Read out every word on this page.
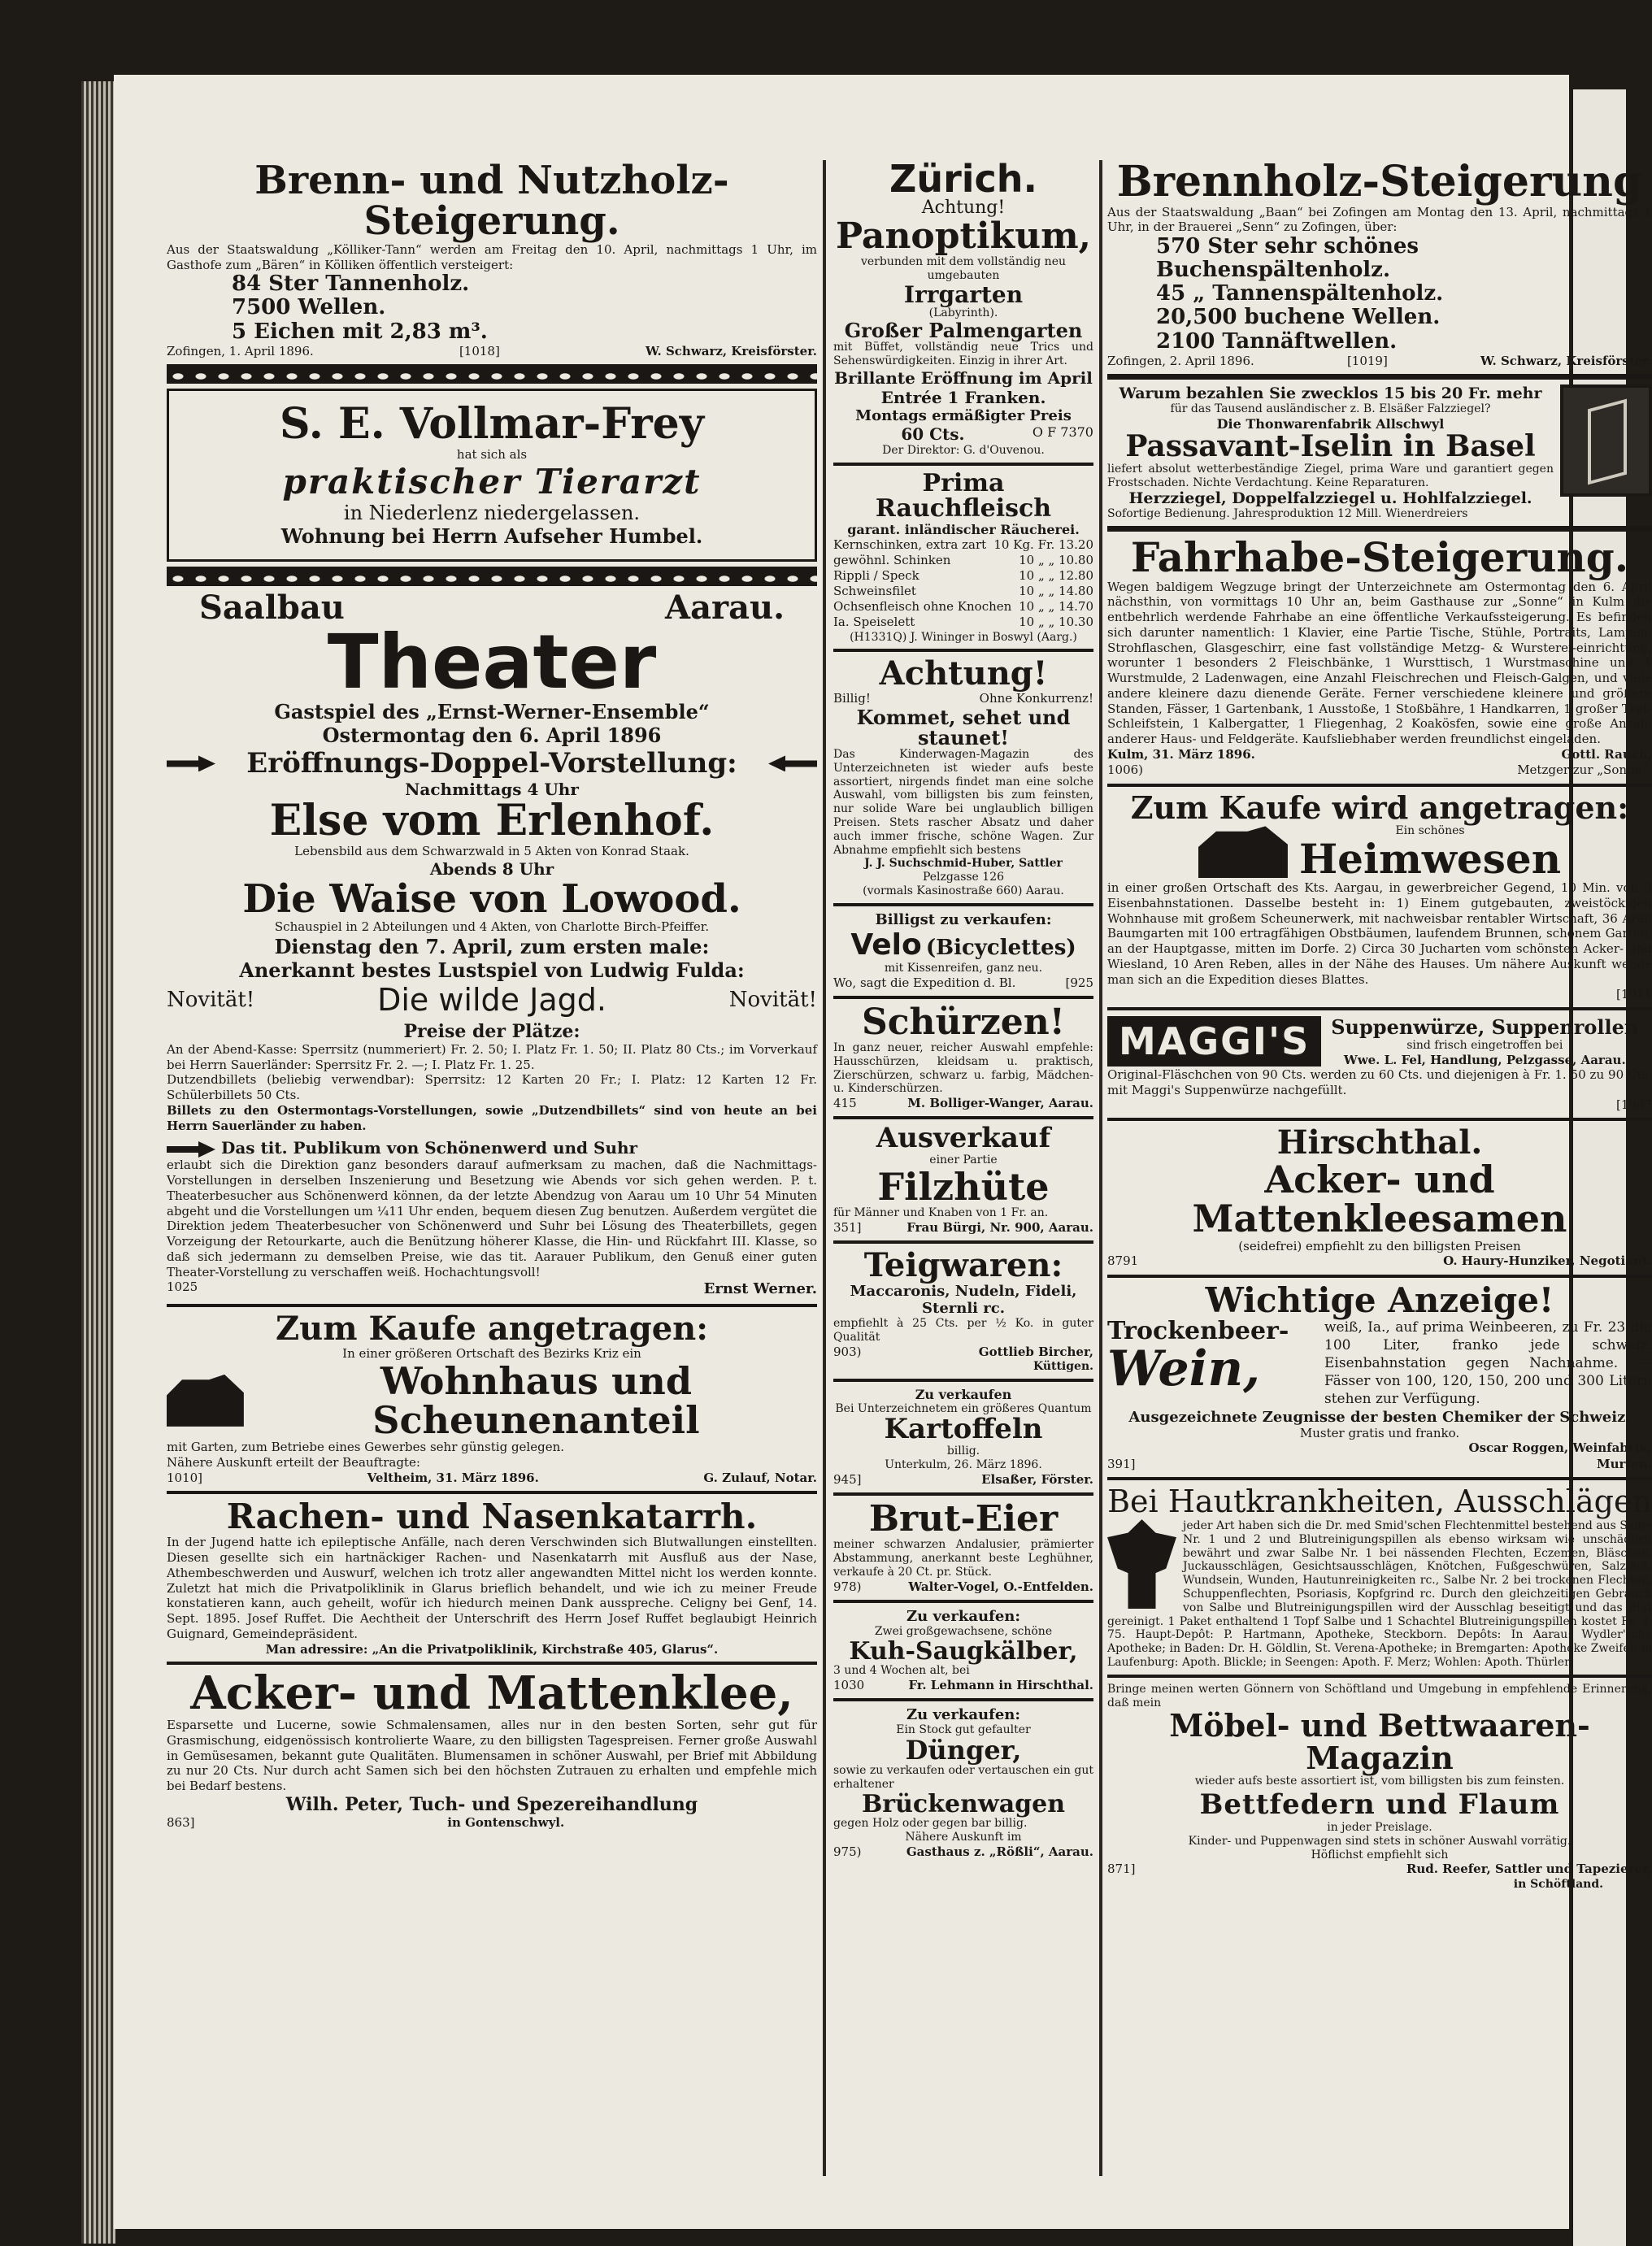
Brenn- und Nutzholz-Steigerung.
Aus der Staatswaldung „Kölliker-Tann“ werden am Freitag den 10. April, nachmittags 1 Uhr, im Gasthofe zum „Bären“ in Kölliken öffentlich versteigert:
84 Ster Tannenholz.
7500 Wellen.
5 Eichen mit 2,83 m³.
Zofingen, 1. April 1896.	[1018]	W. Schwarz, Kreisförster.
S. E. Vollmar-Frey
hat sich als
praktischer Tierarzt
in Niederlenz niedergelassen.
Wohnung bei Herrn Aufseher Humbel.
Saalbau	Aarau.
Theater
Gastspiel des „Ernst-Werner-Ensemble“
Ostermontag den 6. April 1896
Eröffnungs-Doppel-Vorstellung:
Nachmittags 4 Uhr
Else vom Erlenhof.
Lebensbild aus dem Schwarzwald in 5 Akten von Konrad Staak.
Abends 8 Uhr
Die Waise von Lowood.
Schauspiel in 2 Abteilungen und 4 Akten, von Charlotte Birch-Pfeiffer.
Dienstag den 7. April, zum ersten male:
Anerkannt bestes Lustspiel von Ludwig Fulda:
Novität!	Die wilde Jagd.	Novität!
Preise der Plätze:
An der Abend-Kasse: Sperrsitz (nummeriert) Fr. 2. 50; I. Platz Fr. 1. 50; II. Platz 80 Cts.; im Vorverkauf bei Herrn Sauerländer: Sperrsitz Fr. 2. —; I. Platz Fr. 1. 25.
Dutzendbillets (beliebig verwendbar): Sperrsitz: 12 Karten 20 Fr.; I. Platz: 12 Karten 12 Fr. Schülerbillets 50 Cts.
Billets zu den Ostermontags-Vorstellungen, sowie „Dutzendbillets“ sind von heute an bei Herrn Sauerländer zu haben.
Das tit. Publikum von Schönenwerd und Suhr
erlaubt sich die Direktion ganz besonders darauf aufmerksam zu machen, daß die Nachmittags-Vorstellungen in derselben Inszenierung und Besetzung wie Abends vor sich gehen werden. P. t. Theaterbesucher aus Schönenwerd können, da der letzte Abendzug von Aarau um 10 Uhr 54 Minuten abgeht und die Vorstellungen um ¼11 Uhr enden, bequem diesen Zug benutzen. Außerdem vergütet die Direktion jedem Theaterbesucher von Schönenwerd und Suhr bei Lösung des Theaterbillets, gegen Vorzeigung der Retourkarte, auch die Benützung höherer Klasse, die Hin- und Rückfahrt III. Klasse, so daß sich jedermann zu demselben Preise, wie das tit. Aarauer Publikum, den Genuß einer guten Theater-Vorstellung zu verschaffen weiß. Hochachtungsvoll!
1025	Ernst Werner.
Zum Kaufe angetragen:
In einer größeren Ortschaft des Bezirks Kriz ein
Wohnhaus und Scheunenanteil
mit Garten, zum Betriebe eines Gewerbes sehr günstig gelegen.
Nähere Auskunft erteilt der Beauftragte:
1010]	Veltheim, 31. März 1896.	G. Zulauf, Notar.
Rachen- und Nasenkatarrh.
In der Jugend hatte ich epileptische Anfälle, nach deren Verschwinden sich Blutwallungen einstellten. Diesen gesellte sich ein hartnäckiger Rachen- und Nasenkatarrh mit Ausfluß aus der Nase, Athembeschwerden und Auswurf, welchen ich trotz aller angewandten Mittel nicht los werden konnte. Zuletzt hat mich die Privatpoliklinik in Glarus brieflich behandelt, und wie ich zu meiner Freude konstatieren kann, auch geheilt, wofür ich hiedurch meinen Dank ausspreche. Celigny bei Genf, 14. Sept. 1895. Josef Ruffet. Die Aechtheit der Unterschrift des Herrn Josef Ruffet beglaubigt Heinrich Guignard, Gemeindepräsident.
Man adressire: „An die Privatpoliklinik, Kirchstraße 405, Glarus“.
Acker- und Mattenklee,
Esparsette und Lucerne, sowie Schmalensamen, alles nur in den besten Sorten, sehr gut für Grasmischung, eidgenössisch kontrolierte Waare, zu den billigsten Tagespreisen. Ferner große Auswahl in Gemüsesamen, bekannt gute Qualitäten. Blumensamen in schöner Auswahl, per Brief mit Abbildung zu nur 20 Cts. Nur durch acht Samen sich bei den höchsten Zutrauen zu erhalten und empfehle mich bei Bedarf bestens.
Wilh. Peter, Tuch- und Spezereihandlung
863]	in Gontenschwyl.
Zürich.
Achtung!
Panoptikum,
verbunden mit dem vollständig neu umgebauten
Irrgarten
(Labyrinth).
Großer Palmengarten
mit Büffet, vollständig neue Trics und Sehenswürdigkeiten. Einzig in ihrer Art.
Brillante Eröffnung im April
Entrée 1 Franken.
Montags ermäßigter Preis
60 Cts.	O F 7370
Der Direktor: G. d'Ouvenou.
Prima Rauchfleisch
garant. inländischer Räucherei.
Kernschinken, extra zart 10 Kg. Fr. 13.20
gewöhnl. Schinken	10 „ „ 10.80
Rippli / Speck	10 „ „ 12.80
Schweinsfilet	10 „ „ 14.80
Ochsenfleisch ohne Knochen 10 „ „ 14.70
Ia. Speiselett	10 „ „ 10.30
(H1331Q) J. Wininger in Boswyl (Aarg.)
Achtung!
Billig!	Ohne Konkurrenz!
Kommet, sehet und staunet!
Das Kinderwagen-Magazin des Unterzeichneten ist wieder aufs beste assortiert, nirgends findet man eine solche Auswahl, vom billigsten bis zum feinsten, nur solide Ware bei unglaublich billigen Preisen. Stets rascher Absatz und daher auch immer frische, schöne Wagen. Zur Abnahme empfiehlt sich bestens
J. J. Suchschmid-Huber, Sattler
Pelzgasse 126
(vormals Kasinostraße 660) Aarau.
Billigst zu verkaufen:
Velo (Bicyclettes)
mit Kissenreifen, ganz neu.
Wo, sagt die Expedition d. Bl.	[925
Schürzen!
In ganz neuer, reicher Auswahl empfehle: Hausschürzen, kleidsam u. praktisch, Zierschürzen, schwarz u. farbig, Mädchen- u. Kinderschürzen.
415	M. Bolliger-Wanger, Aarau.
Ausverkauf
einer Partie
Filzhüte
für Männer und Knaben von 1 Fr. an.
351]	Frau Bürgi, Nr. 900, Aarau.
Teigwaren:
Maccaronis, Nudeln, Fideli, Sternli rc.
empfiehlt à 25 Cts. per ½ Ko. in guter Qualität
903)	Gottlieb Bircher,
Küttigen.
Zu verkaufen
Bei Unterzeichnetem ein größeres Quantum
Kartoffeln
billig.
Unterkulm, 26. März 1896.
945]	Elsaßer, Förster.
Brut-Eier
meiner schwarzen Andalusier, prämierter Abstammung, anerkannt beste Leghühner, verkaufe à 20 Ct. pr. Stück.
978)	Walter-Vogel, O.-Entfelden.
Zu verkaufen:
Zwei großgewachsene, schöne
Kuh-Saugkälber,
3 und 4 Wochen alt, bei
1030	Fr. Lehmann in Hirschthal.
Zu verkaufen:
Ein Stock gut gefaulter
Dünger,
sowie zu verkaufen oder vertauschen ein gut erhaltener
Brückenwagen
gegen Holz oder gegen bar billig.
Nähere Auskunft im
975)	Gasthaus z. „Rößli“, Aarau.
Brennholz-Steigerung
Aus der Staatswaldung „Baan“ bei Zofingen am Montag den 13. April, nachmittags 1 Uhr, in der Brauerei „Senn“ zu Zofingen, über:
570 Ster sehr schönes Buchenspältenholz.
45 „ Tannenspältenholz.
20,500 buchene Wellen.
2100 Tannäftwellen.
Zofingen, 2. April 1896.	[1019]	W. Schwarz, Kreisförster.
Warum bezahlen Sie zwecklos 15 bis 20 Fr. mehr
für das Tausend ausländischer z. B. Elsäßer Falzziegel?
Die Thonwarenfabrik Allschwyl
Passavant-Iselin in Basel
liefert absolut wetterbeständige Ziegel, prima Ware und garantiert gegen Frostschaden. Nichte Verdachtung. Keine Reparaturen.
Herzziegel, Doppelfalzziegel u. Hohlfalzziegel.
Sofortige Bedienung. Jahresproduktion 12 Mill. Wienerdreiers
Fahrhabe-Steigerung.
Wegen baldigem Wegzuge bringt der Unterzeichnete am Ostermontag den 6. April nächsthin, von vormittags 10 Uhr an, beim Gasthause zur „Sonne“ in Kulm die entbehrlich werdende Fahrhabe an eine öffentliche Verkaufssteigerung. Es befinden sich darunter namentlich: 1 Klavier, eine Partie Tische, Stühle, Portraits, Lampen, Strohflaschen, Glasgeschirr, eine fast vollständige Metzg- & Wursterei-einrichtung, worunter 1 besonders 2 Fleischbänke, 1 Wursttisch, 1 Wurstmaschine und 1 Wurstmulde, 2 Ladenwagen, eine Anzahl Fleischrechen und Fleisch-Galgen, und viele andere kleinere dazu dienende Geräte. Ferner verschiedene kleinere und größere Standen, Fässer, 1 Gartenbank, 1 Ausstoße, 1 Stoßbähre, 1 Handkarren, 1 großer Tret-Schleifstein, 1 Kalbergatter, 1 Fliegenhag, 2 Koakösfen, sowie eine große Anzahl anderer Haus- und Feldgeräte. Kaufsliebhaber werden freundlichst eingeladen.
Kulm, 31. März 1896.	Gottl. Rauch,
1006)	Metzger zur „Sonne“.
Zum Kaufe wird angetragen:
Ein schönes
Heimwesen
in einer großen Ortschaft des Kts. Aargau, in gewerbreicher Gegend, 10 Min. von 3 Eisenbahnstationen. Dasselbe besteht in: 1) Einem gutgebauten, zweistöckigen Wohnhause mit großem Scheunerwerk, mit nachweisbar rentabler Wirtschaft, 36 Aren Baumgarten mit 100 ertragfähigen Obstbäumen, laufendem Brunnen, schönem Garten, an der Hauptgasse, mitten im Dorfe. 2) Circa 30 Jucharten vom schönsten Acker- und Wiesland, 10 Aren Reben, alles in der Nähe des Hauses. Um nähere Auskunft wende man sich an die Expedition dieses Blattes.
[1011
MAGGI'S	Suppenwürze, Suppenrollen
sind frisch eingetroffen bei
Wwe. L. Fel, Handlung, Pelzgasse, Aarau.
Original-Fläschchen von 90 Cts. werden zu 60 Cts. und diejenigen à Fr. 1. 50 zu 90 Cts. mit Maggi's Suppenwürze nachgefüllt.
[1007
Hirschthal.
Acker- und Mattenkleesamen
(seidefrei) empfiehlt zu den billigsten Preisen
8791	O. Haury-Hunziker, Negotiant.
Wichtige Anzeige!
Trockenbeer-
Wein,
weiß, Ia., auf prima Weinbeeren, zu Fr. 23 die 100 Liter, franko jede schweiz. Eisenbahnstation gegen Nachnahme. — Fässer von 100, 120, 150, 200 und 300 Litern stehen zur Verfügung.
Ausgezeichnete Zeugnisse der besten Chemiker der Schweiz.
Muster gratis und franko.
Oscar Roggen, Weinfabrik,
391]	Murten.
Bei Hautkrankheiten, Ausschlägen
jeder Art haben sich die Dr. med Smid'schen Flechtenmittel bestehend aus Salbe Nr. 1 und 2 und Blutreinigungspillen als ebenso wirksam wie unschädlich bewährt und zwar Salbe Nr. 1 bei nässenden Flechten, Eczemen, Bläschen, Juckausschlägen, Gesichtsausschlägen, Knötchen, Fußgeschwüren, Salzfluß, Wundsein, Wunden, Hautunreinigkeiten rc., Salbe Nr. 2 bei trockenen Flechten, Schuppenflechten, Psoriasis, Kopfgrind rc. Durch den gleichzeitigen Gebrauch von Salbe und Blutreinigungspillen wird der Ausschlag beseitigt und das Blut gereinigt. 1 Paket enthaltend 1 Topf Salbe und 1 Schachtel Blutreinigungspillen kostet Fr. 3. 75. Haupt-Depôt: P. Hartmann, Apotheke, Steckborn. Depôts: In Aarau: Wydler'sche Apotheke; in Baden: Dr. H. Göldlin, St. Verena-Apotheke; in Bremgarten: Apotheke Zweifel; in Laufenburg: Apoth. Blickle; in Seengen: Apoth. F. Merz; Wohlen: Apoth. Thürler.
Bringe meinen werten Gönnern von Schöftland und Umgebung in empfehlende Erinnerung, daß mein
Möbel- und Bettwaaren-Magazin
wieder aufs beste assortiert ist, vom billigsten bis zum feinsten.
Bettfedern und Flaum
in jeder Preislage.
Kinder- und Puppenwagen sind stets in schöner Auswahl vorrätig.
Höflichst empfiehlt sich
871]	Rud. Reefer, Sattler und Tapezierer,
in Schöftland.
